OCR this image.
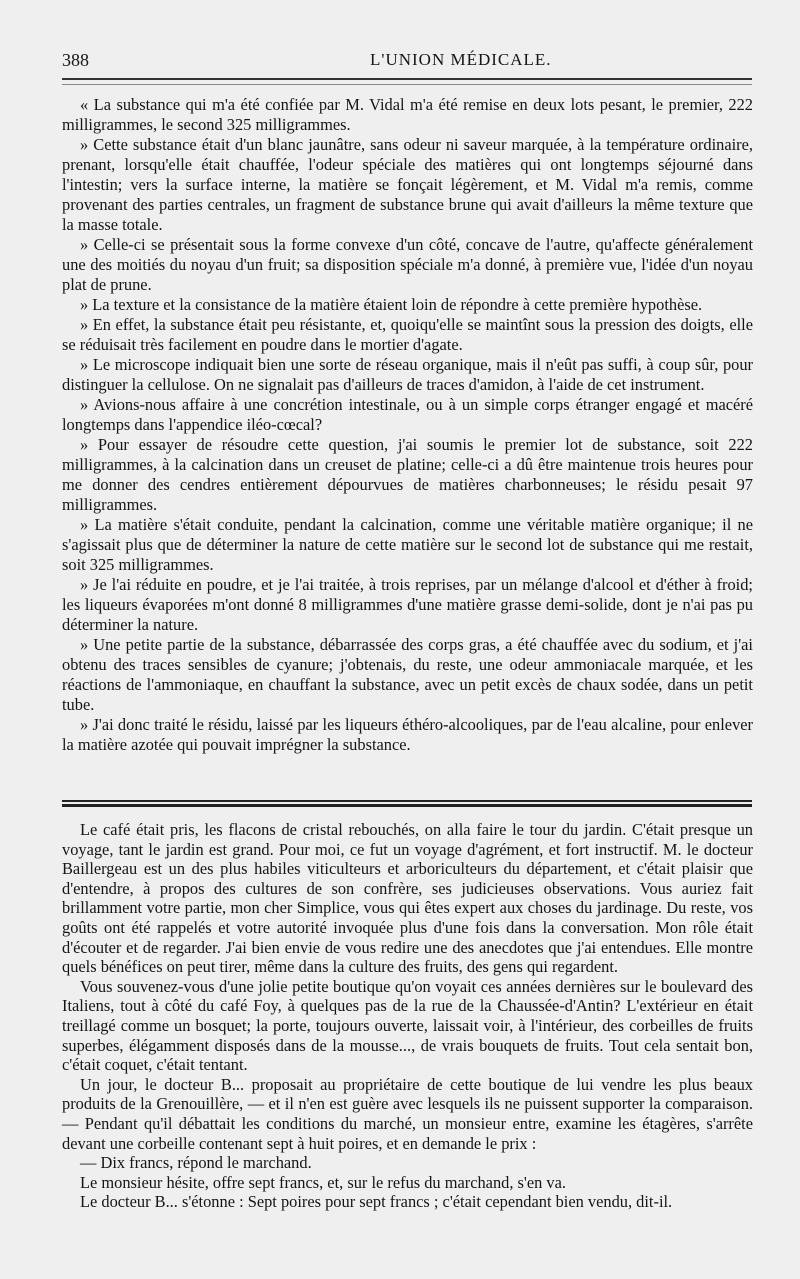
388	L'UNION MÉDICALE.

« La substance qui m'a été confiée par M. Vidal m'a été remise en deux lots pesant, le premier, 222 milligrammes, le second 325 milligrammes.

» Cette substance était d'un blanc jaunâtre, sans odeur ni saveur marquée, à la température ordinaire, prenant, lorsqu'elle était chauffée, l'odeur spéciale des matières qui ont longtemps séjourné dans l'intestin; vers la surface interne, la matière se fonçait légèrement, et M. Vidal m'a remis, comme provenant des parties centrales, un fragment de substance brune qui avait d'ailleurs la même texture que la masse totale.

» Celle-ci se présentait sous la forme convexe d'un côté, concave de l'autre, qu'affecte généralement une des moitiés du noyau d'un fruit; sa disposition spéciale m'a donné, à première vue, l'idée d'un noyau plat de prune.

» La texture et la consistance de la matière étaient loin de répondre à cette première hypothèse.

» En effet, la substance était peu résistante, et, quoiqu'elle se maintînt sous la pression des doigts, elle se réduisait très facilement en poudre dans le mortier d'agate.

» Le microscope indiquait bien une sorte de réseau organique, mais il n'eût pas suffi, à coup sûr, pour distinguer la cellulose. On ne signalait pas d'ailleurs de traces d'amidon, à l'aide de cet instrument.

» Avions-nous affaire à une concrétion intestinale, ou à un simple corps étranger engagé et macéré longtemps dans l'appendice iléo-cœcal?

» Pour essayer de résoudre cette question, j'ai soumis le premier lot de substance, soit 222 milligrammes, à la calcination dans un creuset de platine; celle-ci a dû être maintenue trois heures pour me donner des cendres entièrement dépourvues de matières charbonneuses; le résidu pesait 97 milligrammes.

» La matière s'était conduite, pendant la calcination, comme une véritable matière organique; il ne s'agissait plus que de déterminer la nature de cette matière sur le second lot de substance qui me restait, soit 325 milligrammes.

» Je l'ai réduite en poudre, et je l'ai traitée, à trois reprises, par un mélange d'alcool et d'éther à froid; les liqueurs évaporées m'ont donné 8 milligrammes d'une matière grasse demi-solide, dont je n'ai pas pu déterminer la nature.

» Une petite partie de la substance, débarrassée des corps gras, a été chauffée avec du sodium, et j'ai obtenu des traces sensibles de cyanure; j'obtenais, du reste, une odeur ammoniacale marquée, et les réactions de l'ammoniaque, en chauffant la substance, avec un petit excès de chaux sodée, dans un petit tube.

» J'ai donc traité le résidu, laissé par les liqueurs éthéro-alcooliques, par de l'eau alcaline, pour enlever la matière azotée qui pouvait imprégner la substance.

Le café était pris, les flacons de cristal rebouchés, on alla faire le tour du jardin. C'était presque un voyage, tant le jardin est grand. Pour moi, ce fut un voyage d'agrément, et fort instructif. M. le docteur Baillergeau est un des plus habiles viticulteurs et arboriculteurs du département, et c'était plaisir que d'entendre, à propos des cultures de son confrère, ses judicieuses observations. Vous auriez fait brillamment votre partie, mon cher Simplice, vous qui êtes expert aux choses du jardinage. Du reste, vos goûts ont été rappelés et votre autorité invoquée plus d'une fois dans la conversation. Mon rôle était d'écouter et de regarder. J'ai bien envie de vous redire une des anecdotes que j'ai entendues. Elle montre quels bénéfices on peut tirer, même dans la culture des fruits, des gens qui regardent.

Vous souvenez-vous d'une jolie petite boutique qu'on voyait ces années dernières sur le boulevard des Italiens, tout à côté du café Foy, à quelques pas de la rue de la Chaussée-d'Antin? L'extérieur en était treillagé comme un bosquet; la porte, toujours ouverte, laissait voir, à l'intérieur, des corbeilles de fruits superbes, élégamment disposés dans de la mousse..., de vrais bouquets de fruits. Tout cela sentait bon, c'était coquet, c'était tentant.

Un jour, le docteur B... proposait au propriétaire de cette boutique de lui vendre les plus beaux produits de la Grenouillère, — et il n'en est guère avec lesquels ils ne puissent supporter la comparaison. — Pendant qu'il débattait les conditions du marché, un monsieur entre, examine les étagères, s'arrête devant une corbeille contenant sept à huit poires, et en demande le prix :

— Dix francs, répond le marchand.

Le monsieur hésite, offre sept francs, et, sur le refus du marchand, s'en va.

Le docteur B... s'étonne : Sept poires pour sept francs ; c'était cependant bien vendu, dit-il.
